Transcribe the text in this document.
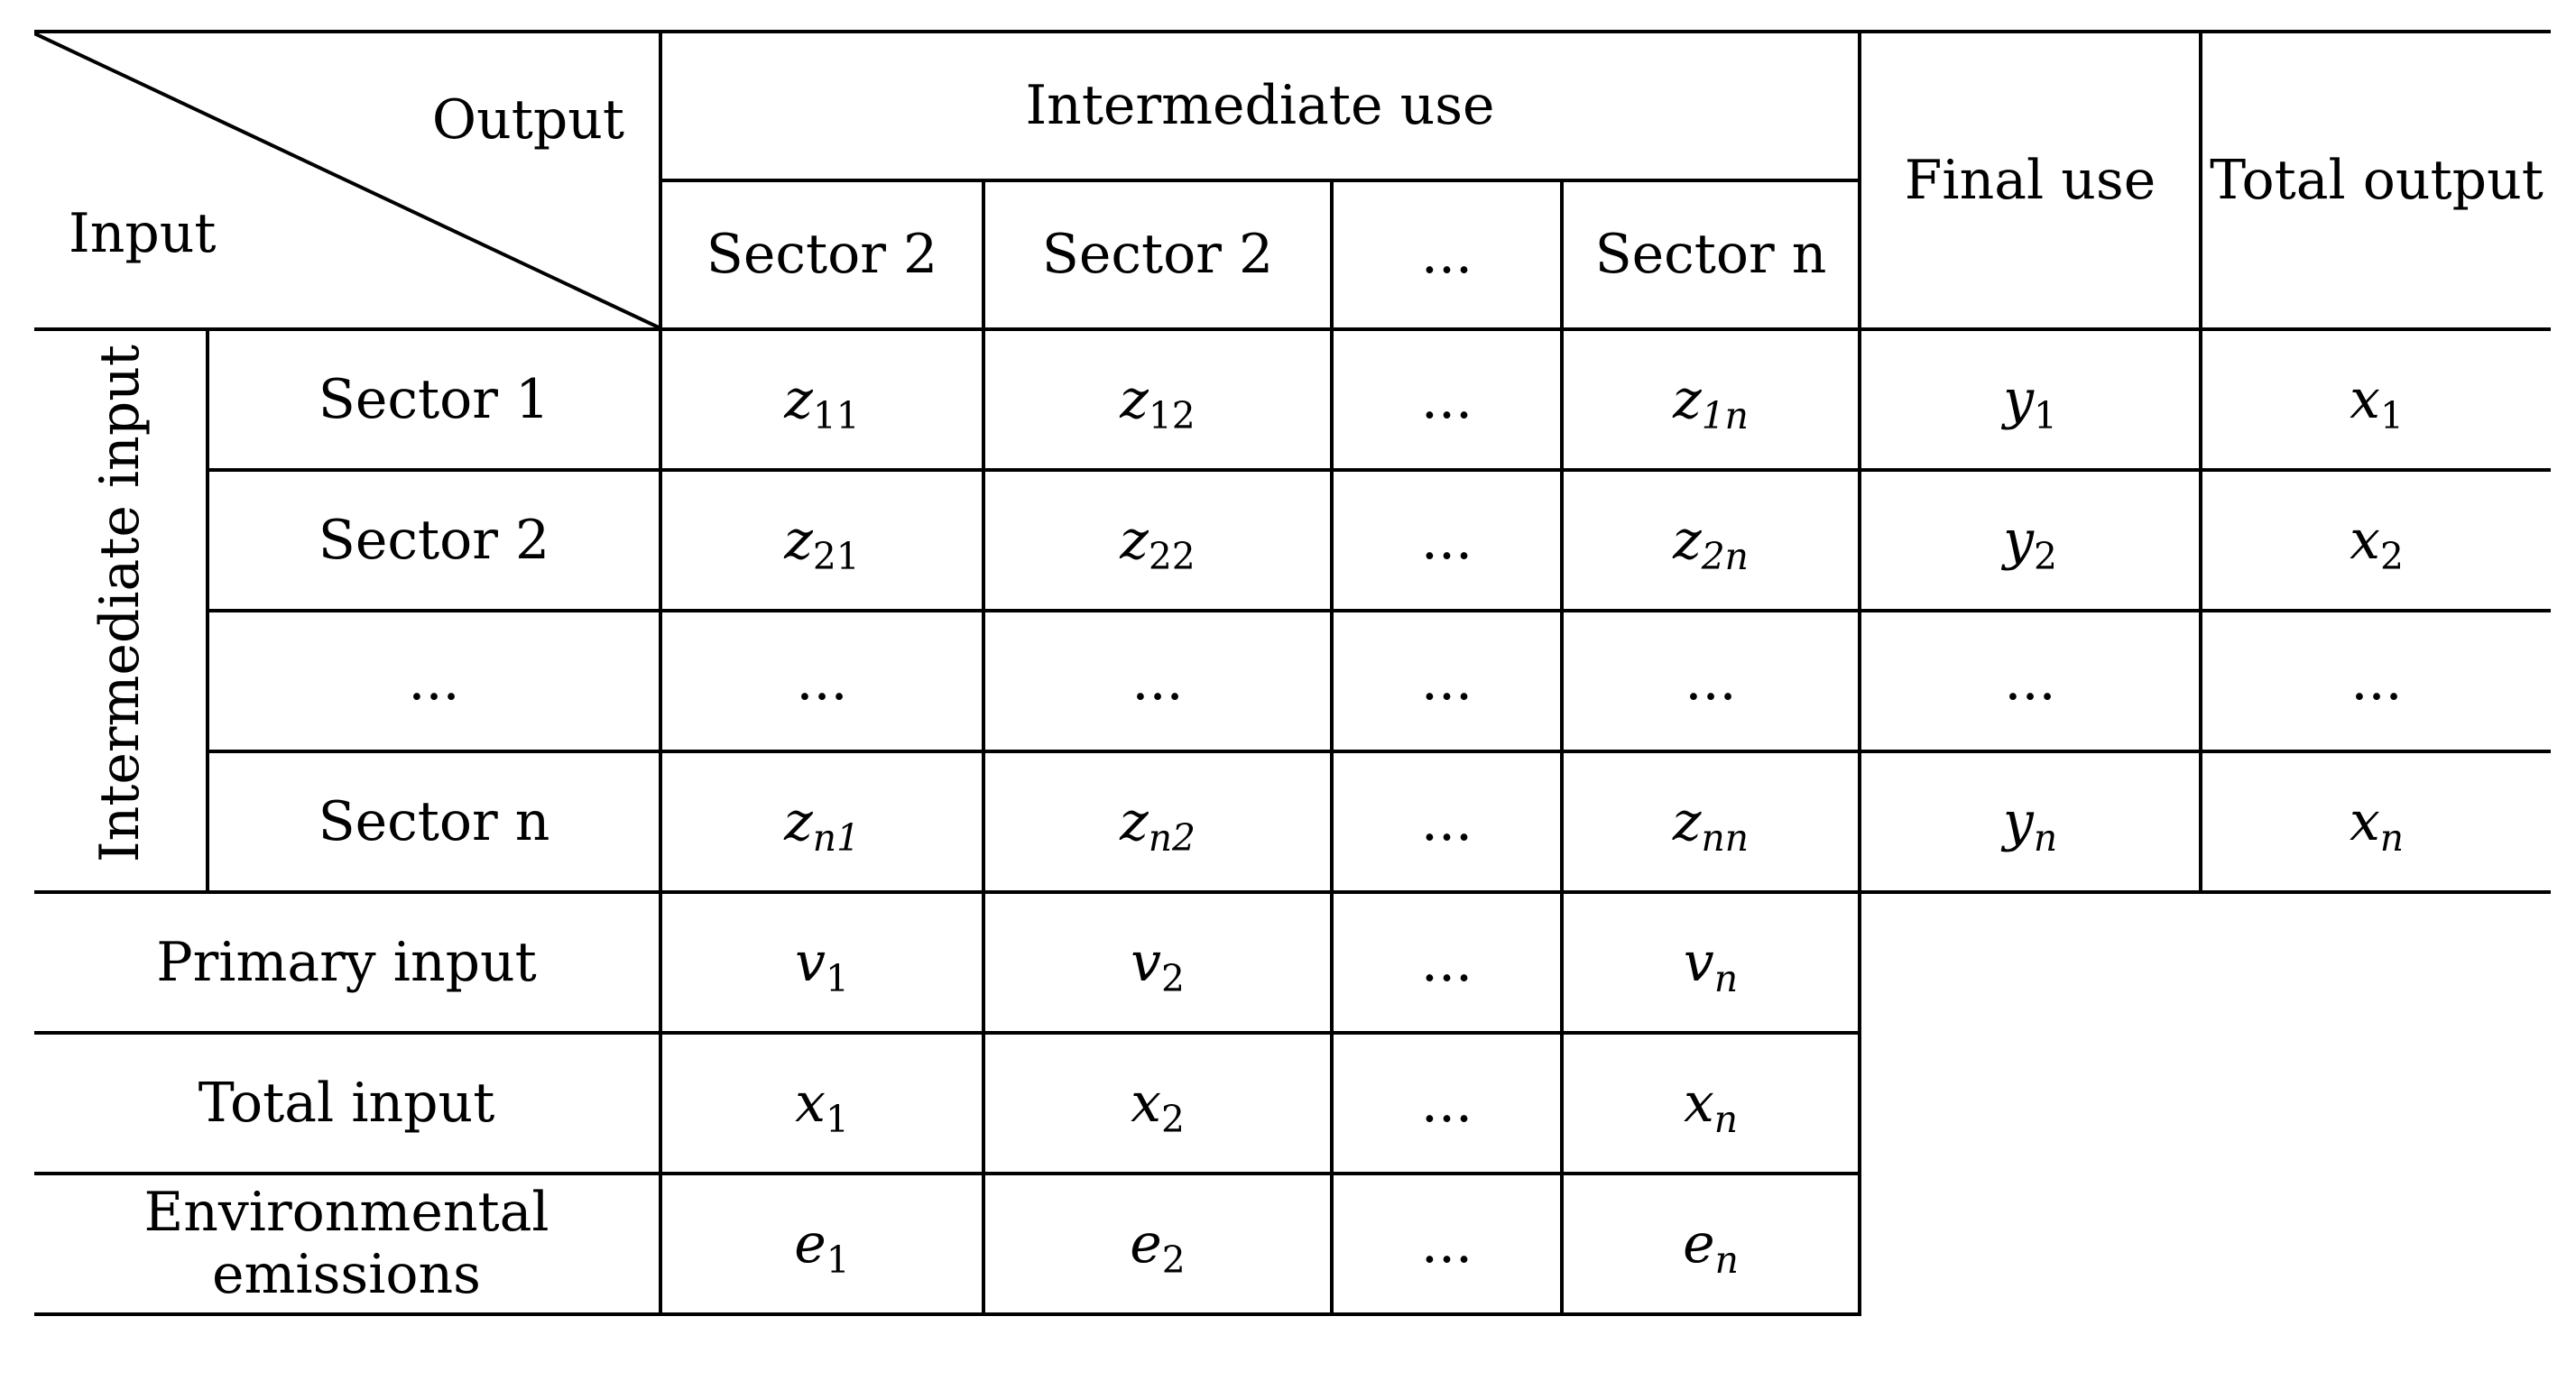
Output
Input		Intermediate use				Final use	Total output
		Sector 2	Sector 2	...	Sector n		
Intermediate input	Sector 1	$z_{11}$	$z_{12}$	...	$z_{1n}$	$y_1$	$x_1$
	Sector 2	$z_{21}$	$z_{22}$	...	$z_{2n}$	$y_2$	$x_2$
	...	...	...	...	...	...	...
	Sector n	$z_{n1}$	$z_{n2}$	...	$z_{nn}$	$y_n$	$x_n$
Primary input		$v_1$	$v_2$	...	$v_n$	
Total input		$x_1$	$x_2$	...	$x_n$
Environmental emissions		$e_1$	$e_2$	...	$e_n$
